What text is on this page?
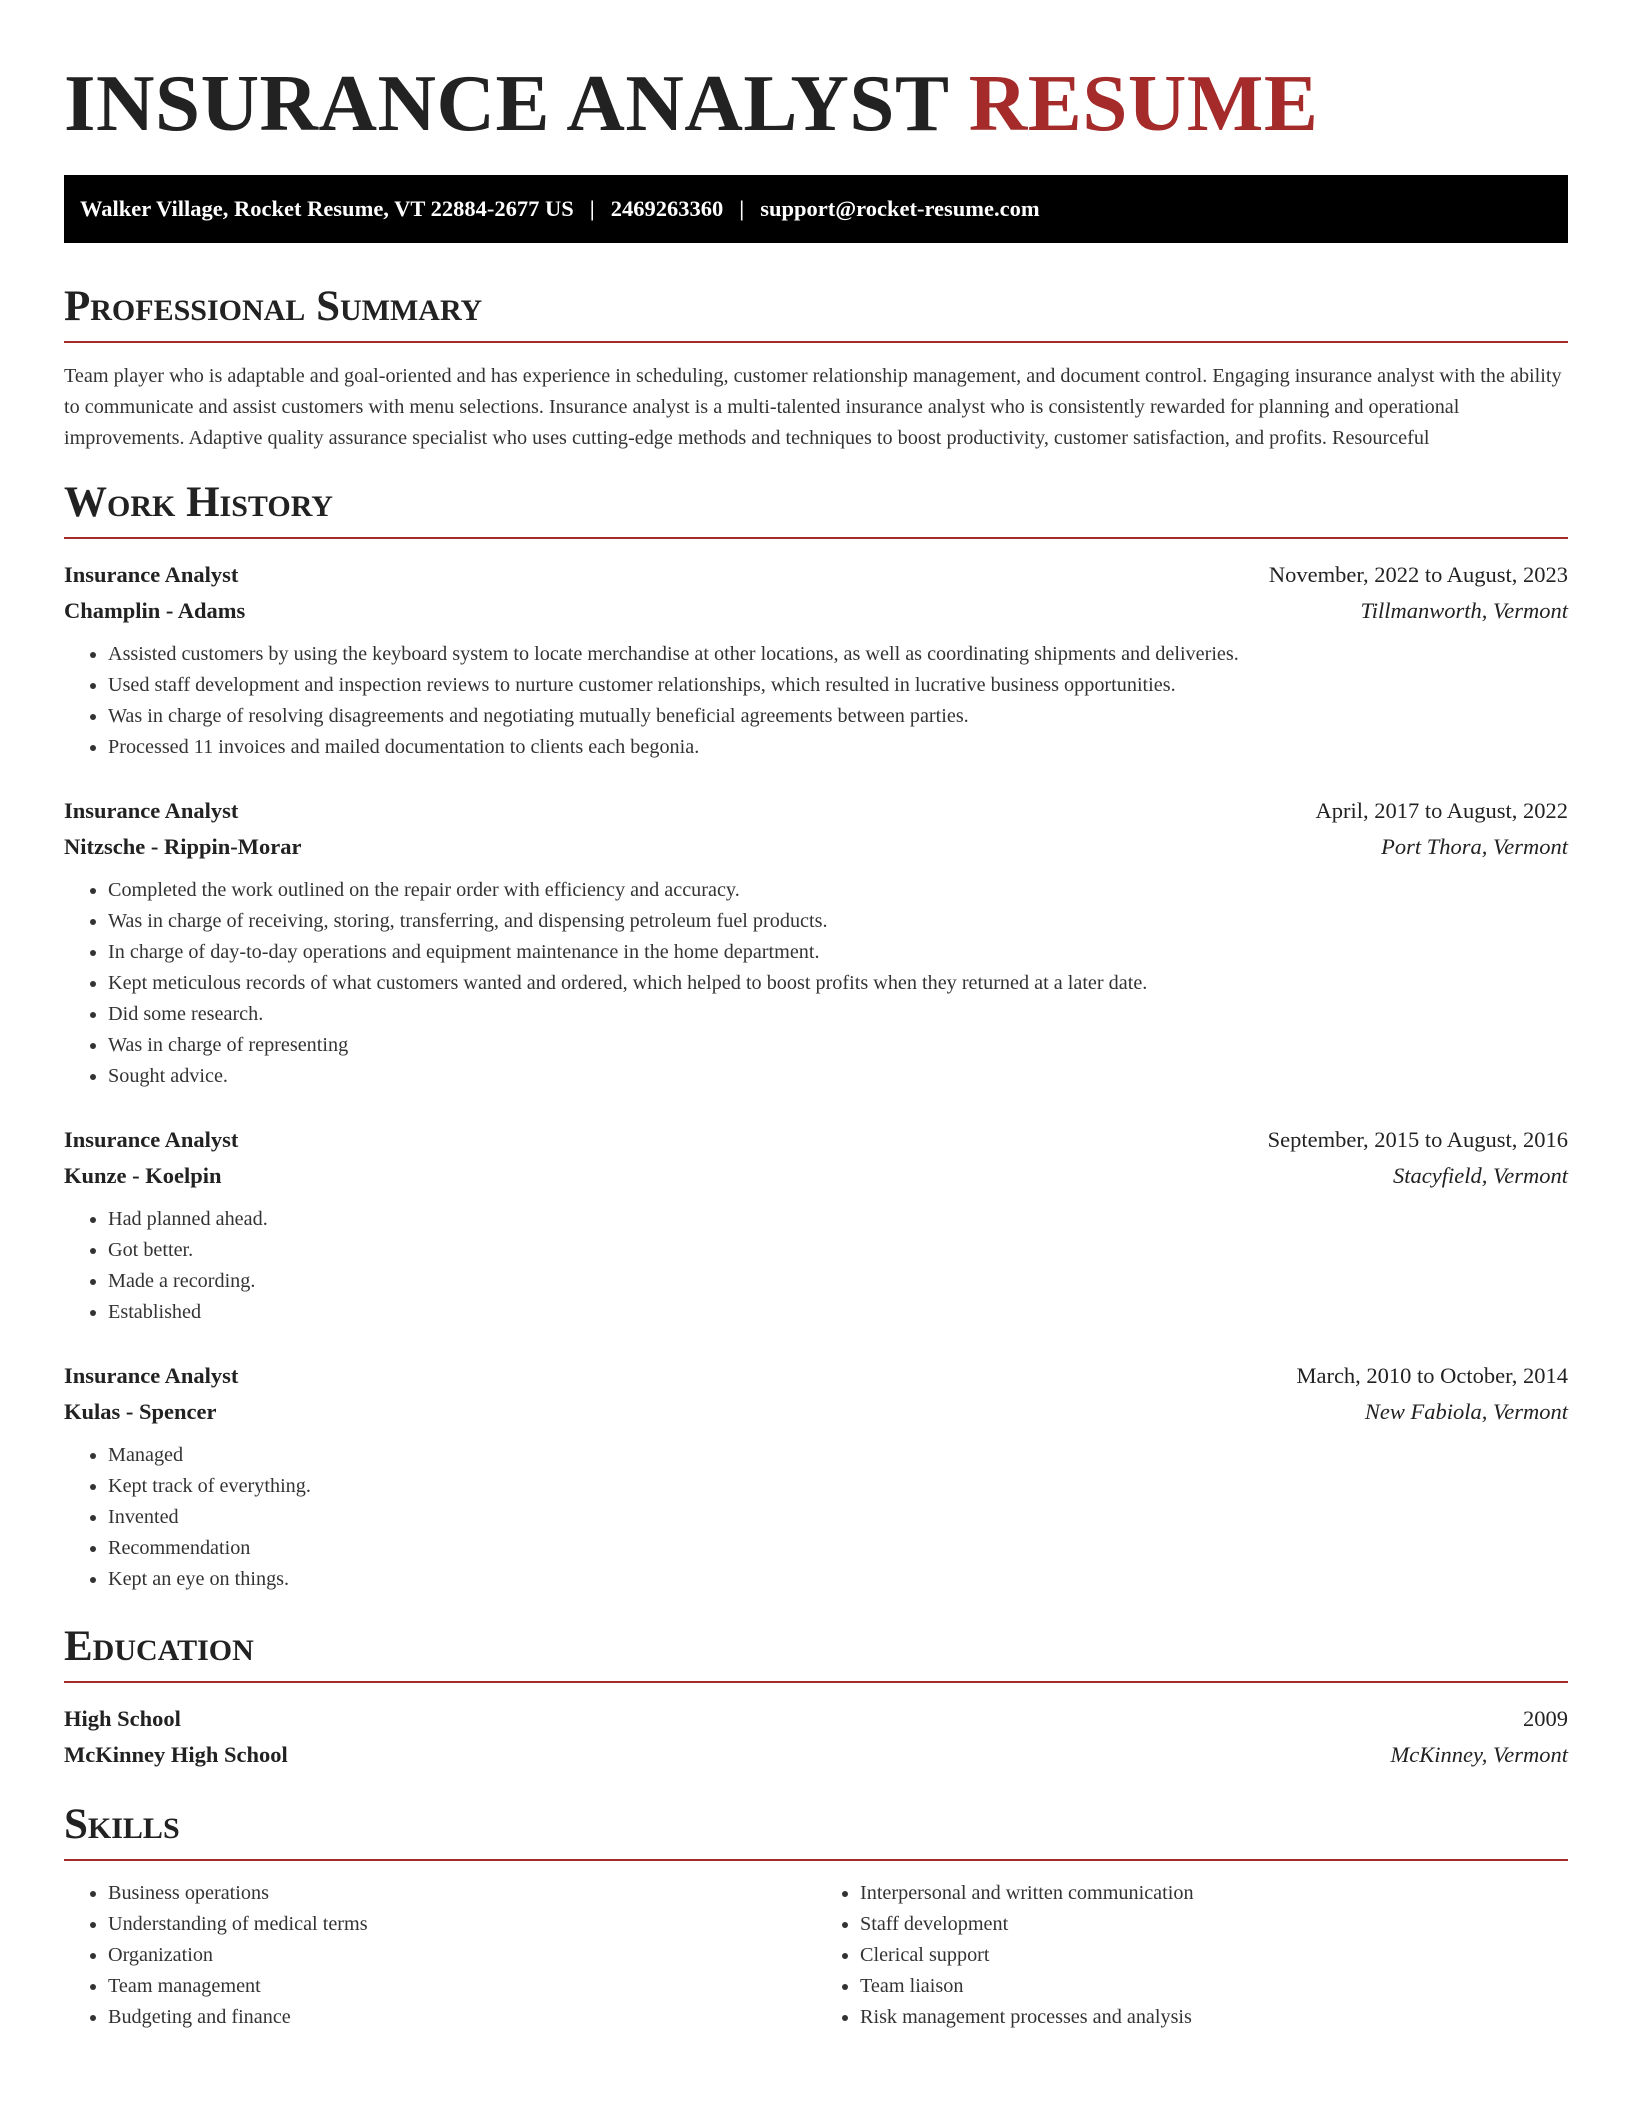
INSURANCE ANALYST RESUME
Walker Village, Rocket Resume, VT 22884-2677 US | 2469263360 | support@rocket-resume.com
Professional Summary

Team player who is adaptable and goal-oriented and has experience in scheduling, customer relationship management, and document control. Engaging insurance analyst with the ability to communicate and assist customers with menu selections. Insurance analyst is a multi-talented insurance analyst who is consistently rewarded for planning and operational improvements. Adaptive quality assurance specialist who uses cutting-edge methods and techniques to boost productivity, customer satisfaction, and profits. Resourceful

Work History
Insurance Analyst	November, 2022 to August, 2023
Champlin - Adams	Tillmanworth, Vermont
• Assisted customers by using the keyboard system to locate merchandise at other locations, as well as coordinating shipments and deliveries.
• Used staff development and inspection reviews to nurture customer relationships, which resulted in lucrative business opportunities.
• Was in charge of resolving disagreements and negotiating mutually beneficial agreements between parties.
• Processed 11 invoices and mailed documentation to clients each begonia.
Insurance Analyst	April, 2017 to August, 2022
Nitzsche - Rippin-Morar	Port Thora, Vermont
• Completed the work outlined on the repair order with efficiency and accuracy.
• Was in charge of receiving, storing, transferring, and dispensing petroleum fuel products.
• In charge of day-to-day operations and equipment maintenance in the home department.
• Kept meticulous records of what customers wanted and ordered, which helped to boost profits when they returned at a later date.
• Did some research.
• Was in charge of representing
• Sought advice.
Insurance Analyst	September, 2015 to August, 2016
Kunze - Koelpin	Stacyfield, Vermont
• Had planned ahead.
• Got better.
• Made a recording.
• Established
Insurance Analyst	March, 2010 to October, 2014
Kulas - Spencer	New Fabiola, Vermont
• Managed
• Kept track of everything.
• Invented
• Recommendation
• Kept an eye on things.
Education
High School	2009
McKinney High School	McKinney, Vermont
Skills
• Business operations
• Understanding of medical terms
• Organization
• Team management
• Budgeting and finance
• Interpersonal and written communication
• Staff development
• Clerical support
• Team liaison
• Risk management processes and analysis
